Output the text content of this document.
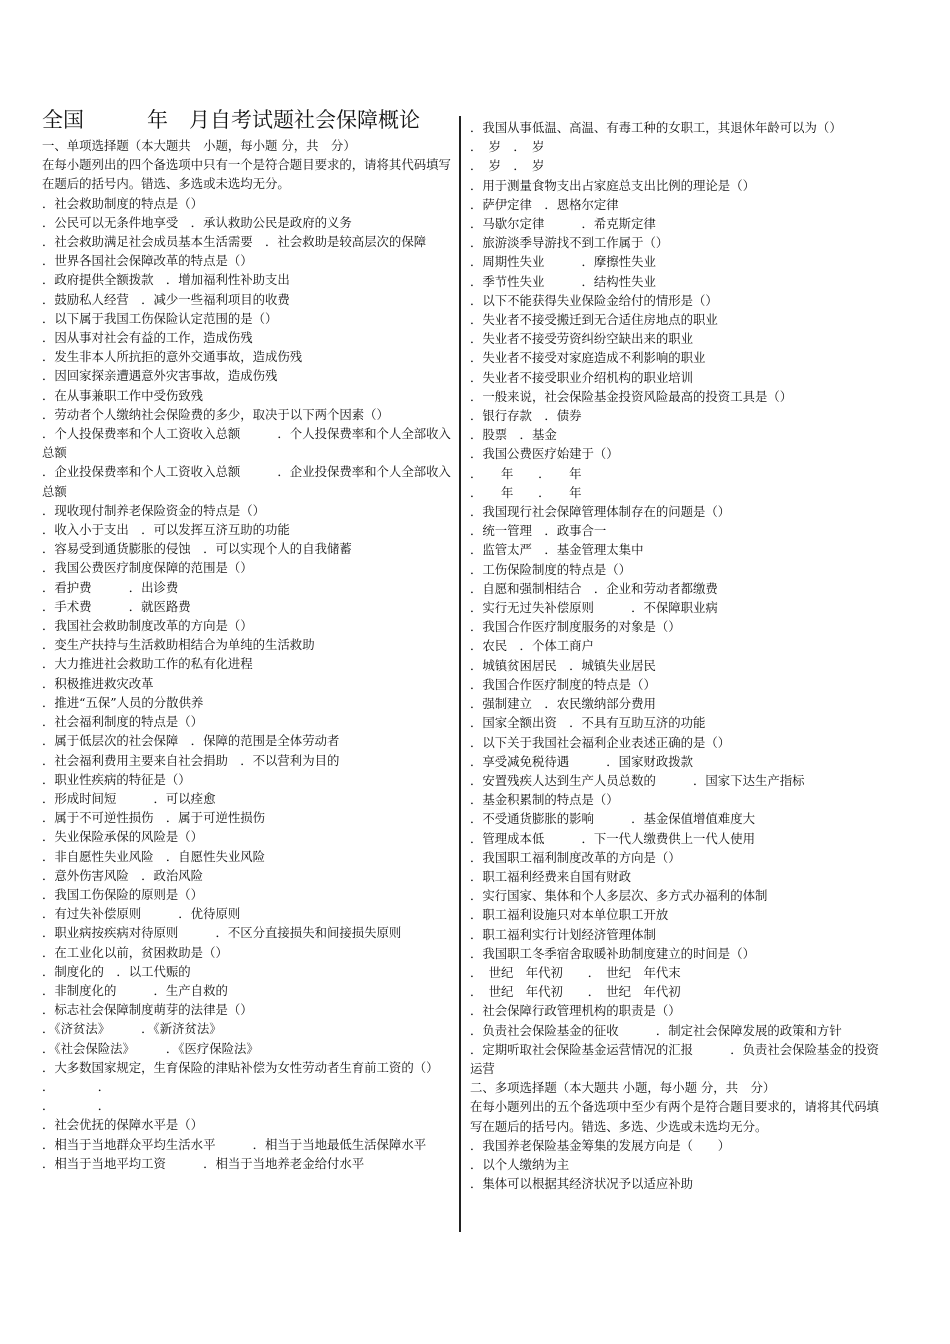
全国　　　年　月自考试题社会保障概论

一、单项选择题（本大题共　小题，每小题 分，共　分）

在每小题列出的四个备选项中只有一个是符合题目要求的，请将其代码填写在题后的括号内。错选、多选或未选均无分。

．社会救助制度的特点是（）

．公民可以无条件地享受　．承认救助公民是政府的义务

．社会救助满足社会成员基本生活需要　．社会救助是较高层次的保障

．世界各国社会保障改革的特点是（）

．政府提供全额拨款　．增加福利性补助支出

．鼓励私人经营　．减少一些福利项目的收费

．以下属于我国工伤保险认定范围的是（）

．因从事对社会有益的工作，造成伤残

．发生非本人所抗拒的意外交通事故，造成伤残

．因回家探亲遭遇意外灾害事故，造成伤残

．在从事兼职工作中受伤致残

．劳动者个人缴纳社会保险费的多少，取决于以下两个因素（）

．个人投保费率和个人工资收入总额　　　．个人投保费率和个人全部收入总额

．企业投保费率和个人工资收入总额　　　．企业投保费率和个人全部收入总额

．现收现付制养老保险资金的特点是（）

．收入小于支出　．可以发挥互济互助的功能

．容易受到通货膨胀的侵蚀　．可以实现个人的自我储蓄

．我国公费医疗制度保障的范围是（）

．看护费　　　．出诊费

．手术费　　　．就医路费

．我国社会救助制度改革的方向是（）

．变生产扶持与生活救助相结合为单纯的生活救助

．大力推进社会救助工作的私有化进程

．积极推进救灾改革

．推进“五保”人员的分散供养

．社会福利制度的特点是（）

．属于低层次的社会保障　．保障的范围是全体劳动者

．社会福利费用主要来自社会捐助　．不以营利为目的

．职业性疾病的特征是（）

．形成时间短　　　．可以痊愈

．属于不可逆性损伤　．属于可逆性损伤

．失业保险承保的风险是（）

．非自愿性失业风险　．自愿性失业风险

．意外伤害风险　．政治风险

．我国工伤保险的原则是（）

．有过失补偿原则　　　．优待原则

．职业病按疾病对待原则　　　．不区分直接损失和间接损失原则

．在工业化以前，贫困救助是（）

．制度化的　．以工代赈的

．非制度化的　　　．生产自救的

．标志社会保障制度萌芽的法律是（）

．《济贫法》　　　．《新济贫法》

．《社会保险法》　　　．《医疗保险法》

．大多数国家规定，生育保险的津贴补偿为女性劳动者生育前工资的（）

．　　　　．

．　　　　．

．社会优抚的保障水平是（）

．相当于当地群众平均生活水平　　　．相当于当地最低生活保障水平

．相当于当地平均工资　　　．相当于当地养老金给付水平

．我国从事低温、高温、有毒工种的女职工，其退休年龄可以为（）

．　岁　．　岁

．　岁　．　岁

．用于测量食物支出占家庭总支出比例的理论是（）

．萨伊定律　．恩格尔定律

．马歇尔定律　　　．希克斯定律

．旅游淡季导游找不到工作属于（）

．周期性失业　　　．摩擦性失业

．季节性失业　　　．结构性失业

．以下不能获得失业保险金给付的情形是（）

．失业者不接受搬迁到无合适住房地点的职业

．失业者不接受劳资纠纷空缺出来的职业

．失业者不接受对家庭造成不利影响的职业

．失业者不接受职业介绍机构的职业培训

．一般来说，社会保险基金投资风险最高的投资工具是（）

．银行存款　．债券

．股票　．基金

．我国公费医疗始建于（）

．　　年　　．　　年

．　　年　　．　　年

．我国现行社会保障管理体制存在的问题是（）

．统一管理　．政事合一

．监管太严　．基金管理太集中

．工伤保险制度的特点是（）

．自愿和强制相结合　．企业和劳动者都缴费

．实行无过失补偿原则　　　．不保障职业病

．我国合作医疗制度服务的对象是（）

．农民　．个体工商户

．城镇贫困居民　．城镇失业居民

．我国合作医疗制度的特点是（）

．强制建立　．农民缴纳部分费用

．国家全额出资　．不具有互助互济的功能

．以下关于我国社会福利企业表述正确的是（）

．享受减免税待遇　　　．国家财政拨款

．安置残疾人达到生产人员总数的　　　．国家下达生产指标

．基金积累制的特点是（）

．不受通货膨胀的影响　　　．基金保值增值难度大

．管理成本低　　　．下一代人缴费供上一代人使用

．我国职工福利制度改革的方向是（）

．职工福利经费来自国有财政

．实行国家、集体和个人多层次、多方式办福利的体制

．职工福利设施只对本单位职工开放

．职工福利实行计划经济管理体制

．我国职工冬季宿舍取暖补助制度建立的时间是（）

．　世纪　年代初　　．　世纪　年代末

．　世纪　年代初　　．　世纪　年代初

．社会保障行政管理机构的职责是（）

．负责社会保险基金的征收　　　．制定社会保障发展的政策和方针

．定期听取社会保险基金运营情况的汇报　　　．负责社会保险基金的投资运营

二、多项选择题（本大题共 小题，每小题 分，共　分）

在每小题列出的五个备选项中至少有两个是符合题目要求的，请将其代码填写在题后的括号内。错选、多选、少选或未选均无分。

．我国养老保险基金筹集的发展方向是（　　）

．以个人缴纳为主

．集体可以根据其经济状况予以适应补助
